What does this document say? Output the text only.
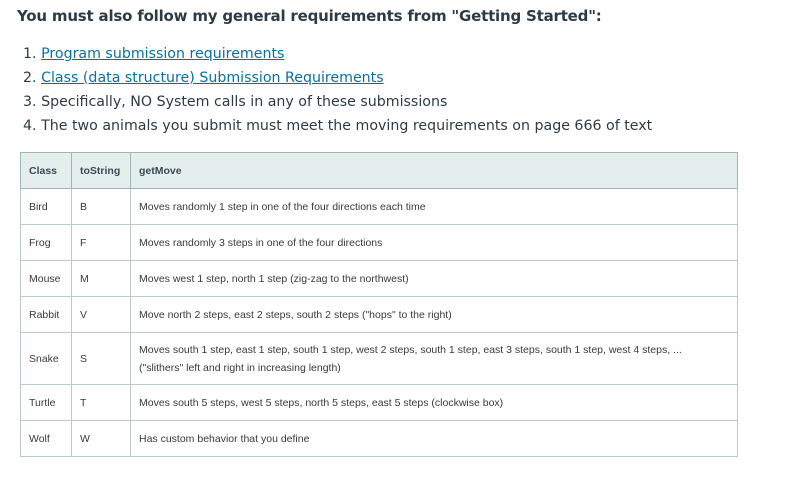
You must also follow my general requirements from "Getting Started":
1. Program submission requirements
2. Class (data structure) Submission Requirements
3. Specifically, NO System calls in any of these submissions
4. The two animals you submit must meet the moving requirements on page 666 of text
Class	toString	getMove
Bird	B	Moves randomly 1 step in one of the four directions each time
Frog	F	Moves randomly 3 steps in one of the four directions
Mouse	M	Moves west 1 step, north 1 step (zig-zag to the northwest)
Rabbit	V	Move north 2 steps, east 2 steps, south 2 steps ("hops" to the right)
Snake	S	Moves south 1 step, east 1 step, south 1 step, west 2 steps, south 1 step, east 3 steps, south 1 step, west 4 steps, ...
("slithers" left and right in increasing length)

Turtle	T	Moves south 5 steps, west 5 steps, north 5 steps, east 5 steps (clockwise box)
Wolf	W	Has custom behavior that you define
